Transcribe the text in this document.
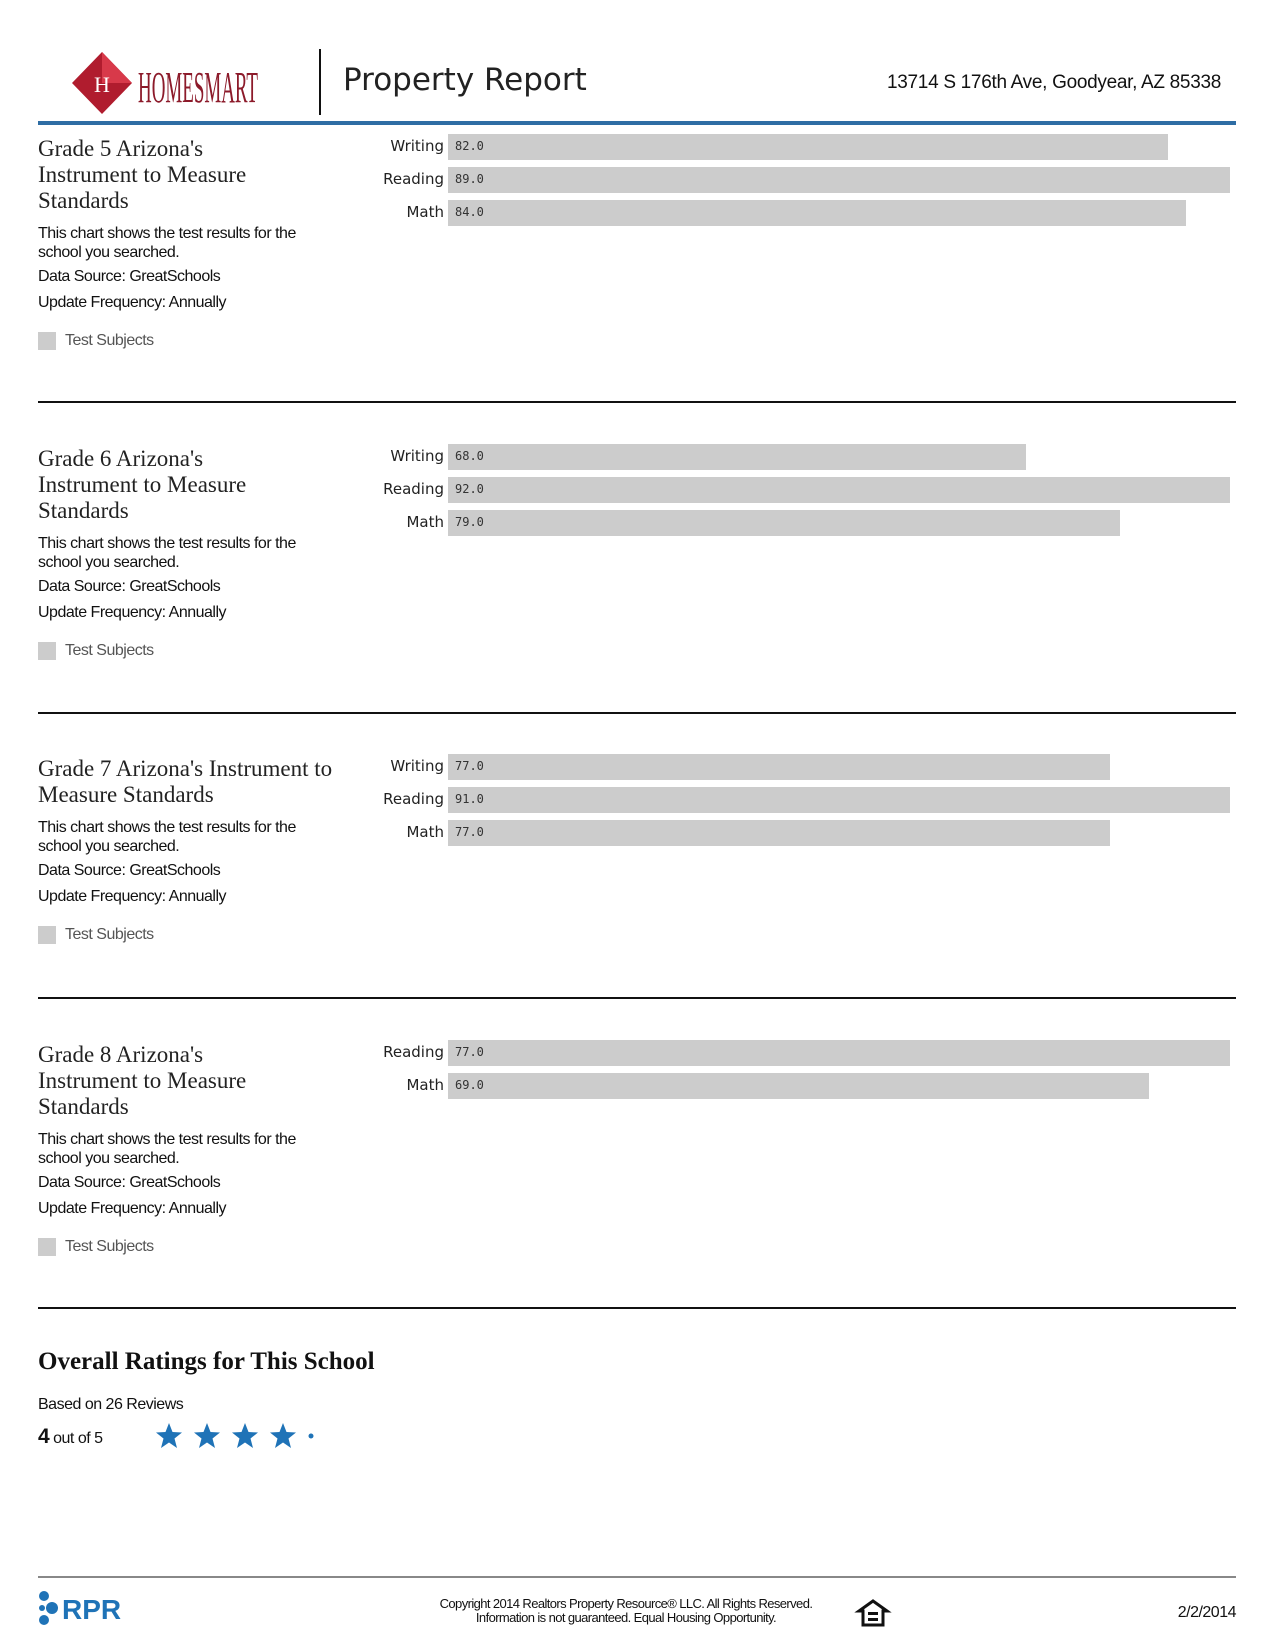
H HOMESMART	Property Report	13714 S 176th Ave, Goodyear, AZ 85338
Grade 5 Arizona's Instrument to Measure Standards
This chart shows the test results for the school you searched.
Data Source: GreatSchools
Update Frequency: Annually
Test Subjects
Writing 82.0
Reading 89.0
Math 84.0
Grade 6 Arizona's Instrument to Measure Standards
This chart shows the test results for the school you searched.
Data Source: GreatSchools
Update Frequency: Annually
Test Subjects
Writing 68.0
Reading 92.0
Math 79.0
Grade 7 Arizona's Instrument to Measure Standards
This chart shows the test results for the school you searched.
Data Source: GreatSchools
Update Frequency: Annually
Test Subjects
Writing 77.0
Reading 91.0
Math 77.0
Grade 8 Arizona's Instrument to Measure Standards
This chart shows the test results for the school you searched.
Data Source: GreatSchools
Update Frequency: Annually
Test Subjects
Reading 77.0
Math 69.0
Overall Ratings for This School
Based on 26 Reviews
4 out of 5
RPR	Copyright 2014 Realtors Property Resource® LLC. All Rights Reserved.
Information is not guaranteed. Equal Housing Opportunity.	2/2/2014
